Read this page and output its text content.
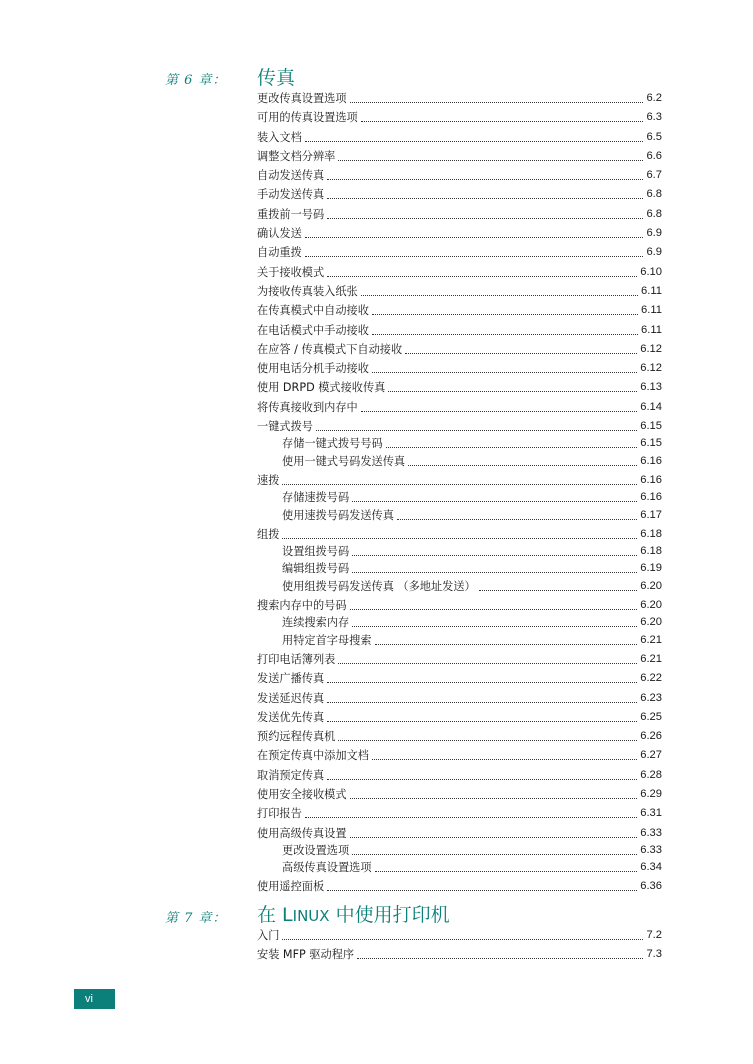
第 6 章： 传真
更改传真设置选项	6.2
可用的传真设置选项	6.3
装入文档	6.5
调整文档分辨率	6.6
自动发送传真	6.7
手动发送传真	6.8
重拨前一号码	6.8
确认发送	6.9
自动重拨	6.9
关于接收模式	6.10
为接收传真装入纸张	6.11
在传真模式中自动接收	6.11
在电话模式中手动接收	6.11
在应答 / 传真模式下自动接收	6.12
使用电话分机手动接收	6.12
使用 DRPD 模式接收传真	6.13
将传真接收到内存中	6.14
一键式拨号	6.15
存储一键式拨号号码	6.15
使用一键式号码发送传真	6.16
速拨	6.16
存储速拨号码	6.16
使用速拨号码发送传真	6.17
组拨	6.18
设置组拨号码	6.18
编辑组拨号码	6.19
使用组拨号码发送传真 （多地址发送）	6.20
搜索内存中的号码	6.20
连续搜索内存	6.20
用特定首字母搜索	6.21
打印电话簿列表	6.21
发送广播传真	6.22
发送延迟传真	6.23
发送优先传真	6.25
预约远程传真机	6.26
在预定传真中添加文档	6.27
取消预定传真	6.28
使用安全接收模式	6.29
打印报告	6.31
使用高级传真设置	6.33
更改设置选项	6.33
高级传真设置选项	6.34
使用遥控面板	6.36
第 7 章： 在 LINUX 中使用打印机
入门	7.2
安装 MFP 驱动程序	7.3
vi
